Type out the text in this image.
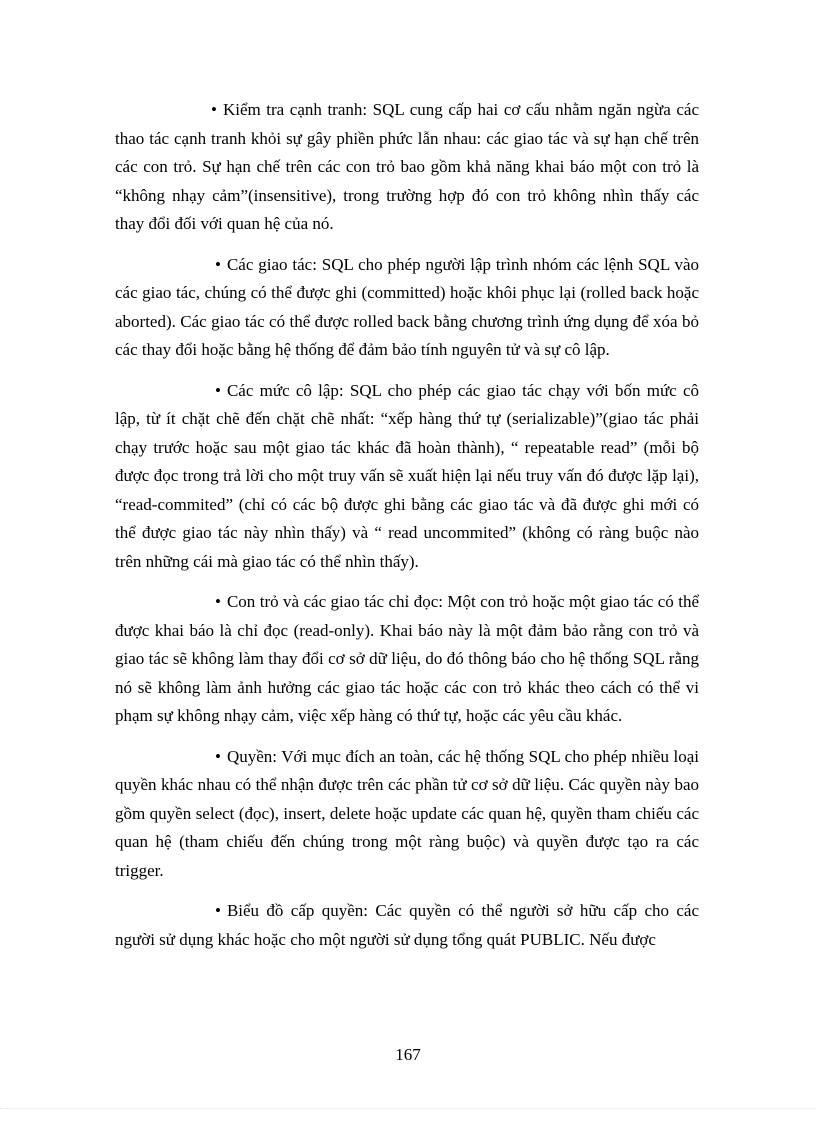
• Kiểm tra cạnh tranh: SQL cung cấp hai cơ cấu nhằm ngăn ngừa các thao tác cạnh tranh khỏi sự gây phiền phức lẫn nhau: các giao tác và sự hạn chế trên các con trỏ. Sự hạn chế trên các con trỏ bao gồm khả năng khai báo một con trỏ là “không nhạy cảm”(insensitive), trong trường hợp đó con trỏ không nhìn thấy các thay đổi đối với quan hệ của nó.

• Các giao tác: SQL cho phép người lập trình nhóm các lệnh SQL vào các giao tác, chúng có thể được ghi (committed) hoặc khôi phục lại (rolled back hoặc aborted). Các giao tác có thể được rolled back bằng chương trình ứng dụng để xóa bỏ các thay đổi hoặc bằng hệ thống để đảm bảo tính nguyên tử và sự cô lập.

• Các mức cô lập: SQL cho phép các giao tác chạy với bốn mức cô lập, từ ít chặt chẽ đến chặt chẽ nhất: “xếp hàng thứ tự (serializable)”(giao tác phải chạy trước hoặc sau một giao tác khác đã hoàn thành), “ repeatable read” (mỗi bộ được đọc trong trả lời cho một truy vấn sẽ xuất hiện lại nếu truy vấn đó được lặp lại), “read-commited” (chỉ có các bộ được ghi bằng các giao tác và đã được ghi mới có thể được giao tác này nhìn thấy) và “ read uncommited” (không có ràng buộc nào trên những cái mà giao tác có thể nhìn thấy).

• Con trỏ và các giao tác chỉ đọc: Một con trỏ hoặc một giao tác có thể được khai báo là chỉ đọc (read-only). Khai báo này là một đảm bảo rằng con trỏ và giao tác sẽ không làm thay đổi cơ sở dữ liệu, do đó thông báo cho hệ thống SQL rằng nó sẽ không làm ảnh hưởng các giao tác hoặc các con trỏ khác theo cách có thể vi phạm sự không nhạy cảm, việc xếp hàng có thứ tự, hoặc các yêu cầu khác.

• Quyền: Với mục đích an toàn, các hệ thống SQL cho phép nhiều loại quyền khác nhau có thể nhận được trên các phần tử cơ sở dữ liệu. Các quyền này bao gồm quyền select (đọc), insert, delete hoặc update các quan hệ, quyền tham chiếu các quan hệ (tham chiếu đến chúng trong một ràng buộc) và quyền được tạo ra các trigger.

• Biểu đồ cấp quyền: Các quyền có thể người sở hữu cấp cho các người sử dụng khác hoặc cho một người sử dụng tổng quát PUBLIC. Nếu được

167
